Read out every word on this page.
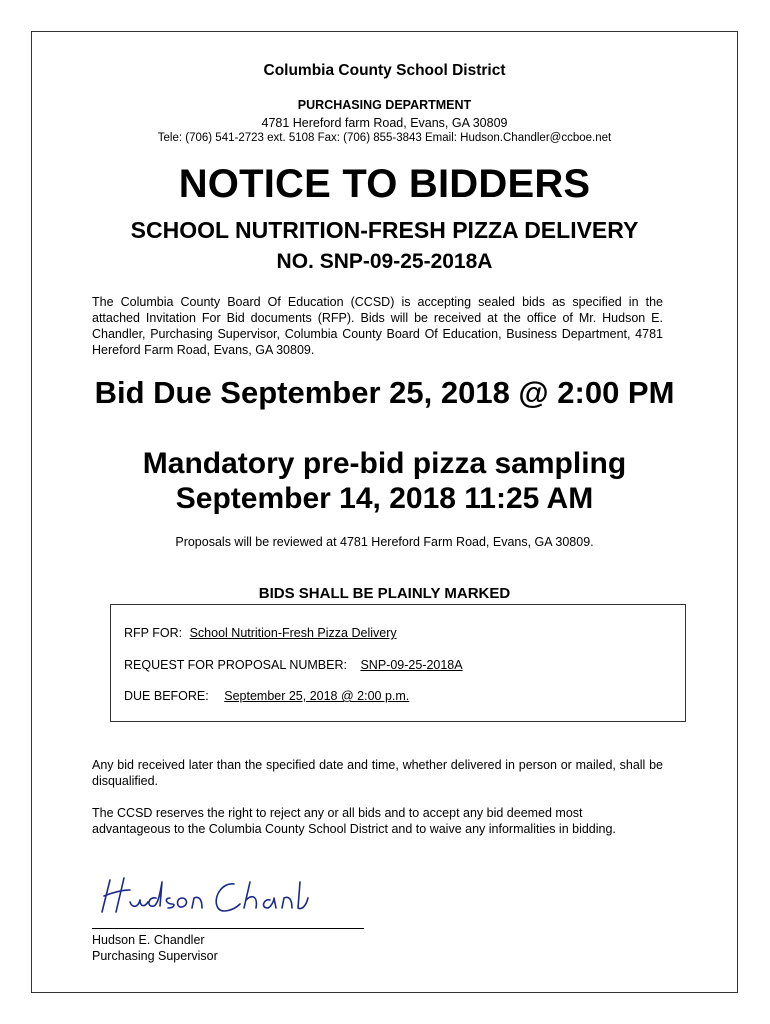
Columbia County School District
PURCHASING DEPARTMENT
4781 Hereford farm Road, Evans, GA 30809
Tele: (706) 541-2723 ext. 5108 Fax: (706) 855-3843 Email: Hudson.Chandler@ccboe.net
NOTICE TO BIDDERS
SCHOOL NUTRITION-FRESH PIZZA DELIVERY
NO. SNP-09-25-2018A
The Columbia County Board Of Education (CCSD) is accepting sealed bids as specified in the attached Invitation For Bid documents (RFP). Bids will be received at the office of Mr. Hudson E. Chandler, Purchasing Supervisor, Columbia County Board Of Education, Business Department, 4781 Hereford Farm Road, Evans, GA 30809.
Bid Due September 25, 2018 @ 2:00 PM
Mandatory pre-bid pizza sampling
September 14, 2018 11:25 AM
Proposals will be reviewed at 4781 Hereford Farm Road, Evans, GA 30809.
BIDS SHALL BE PLAINLY MARKED
RFP FOR: School Nutrition-Fresh Pizza Delivery
REQUEST FOR PROPOSAL NUMBER: SNP-09-25-2018A
DUE BEFORE: September 25, 2018 @ 2:00 p.m.
Any bid received later than the specified date and time, whether delivered in person or mailed, shall be disqualified.
The CCSD reserves the right to reject any or all bids and to accept any bid deemed most advantageous to the Columbia County School District and to waive any informalities in bidding.
Hudson E. Chandler
Purchasing Supervisor
